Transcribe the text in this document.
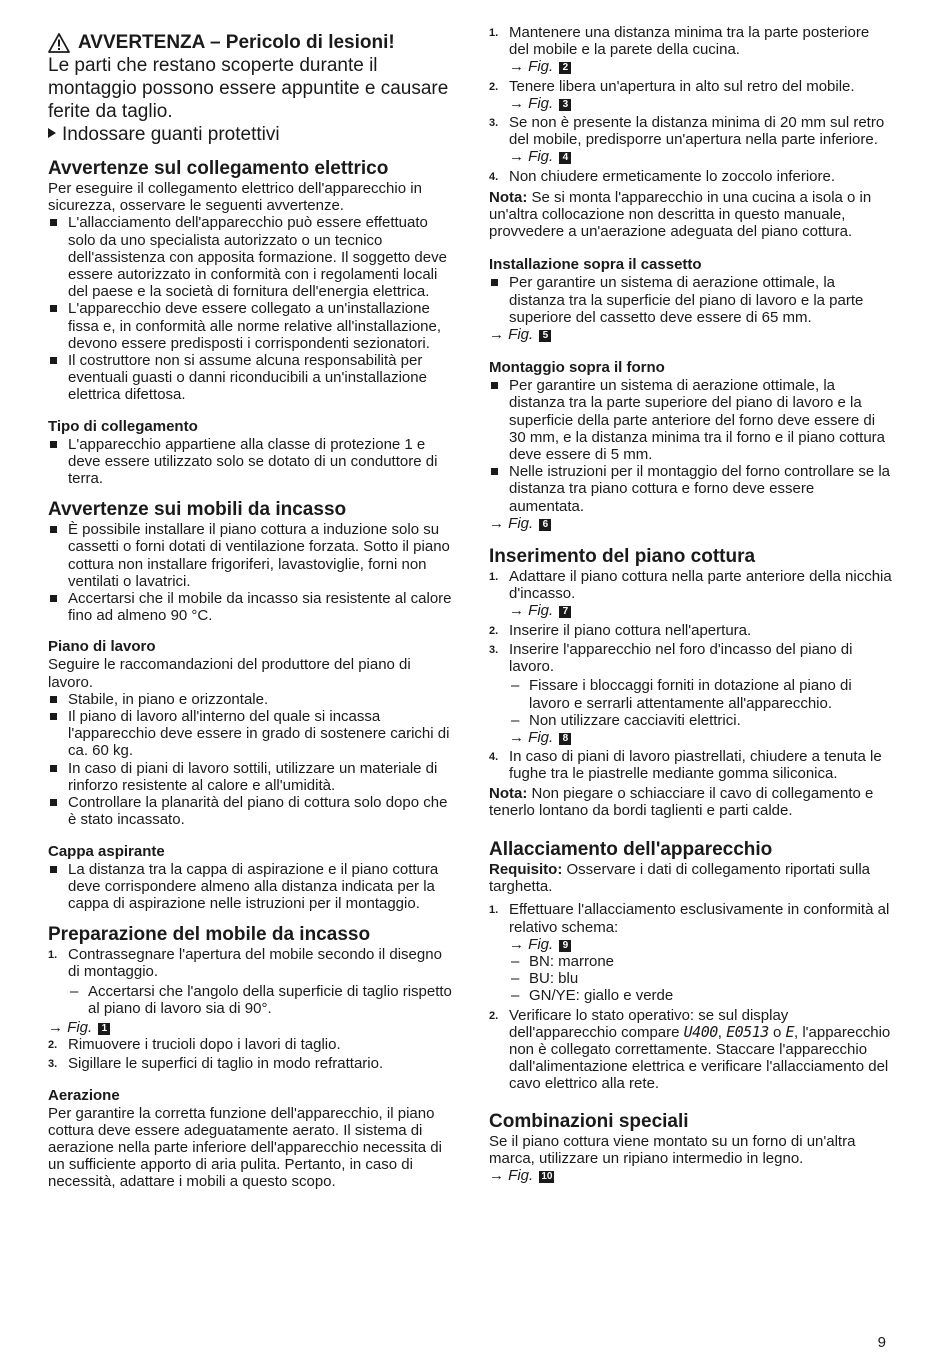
AVVERTENZA – Pericolo di lesioni!

Le parti che restano scoperte durante il montaggio possono essere appuntite e causare ferite da taglio.

Indossare guanti protettivi
Avvertenze sul collegamento elettrico

Per eseguire il collegamento elettrico dell'apparecchio in sicurezza, osservare le seguenti avvertenze.

L'allacciamento dell'apparecchio può essere effettuato solo da uno specialista autorizzato o un tecnico dell'assistenza con apposita formazione. Il soggetto deve essere autorizzato in conformità con i regolamenti locali del paese e la società di fornitura dell'energia elettrica.
L'apparecchio deve essere collegato a un'installazione fissa e, in conformità alle norme relative all'installazione, devono essere predisposti i corrispondenti sezionatori.
Il costruttore non si assume alcuna responsabilità per eventuali guasti o danni riconducibili a un'installazione elettrica difettosa.
Tipo di collegamento
L'apparecchio appartiene alla classe di protezione 1 e deve essere utilizzato solo se dotato di un conduttore di terra.
Avvertenze sui mobili da incasso
È possibile installare il piano cottura a induzione solo su cassetti o forni dotati di ventilazione forzata. Sotto il piano cottura non installare frigoriferi, lavastoviglie, forni non ventilati o lavatrici.
Accertarsi che il mobile da incasso sia resistente al calore fino ad almeno 90 °C.
Piano di lavoro

Seguire le raccomandazioni del produttore del piano di lavoro.

Stabile, in piano e orizzontale.
Il piano di lavoro all'interno del quale si incassa l'apparecchio deve essere in grado di sostenere carichi di ca. 60 kg.
In caso di piani di lavoro sottili, utilizzare un materiale di rinforzo resistente al calore e all'umidità.
Controllare la planarità del piano di cottura solo dopo che è stato incassato.
Cappa aspirante
La distanza tra la cappa di aspirazione e il piano cottura deve corrispondere almeno alla distanza indicata per la cappa di aspirazione nelle istruzioni per il montaggio.
Preparazione del mobile da incasso
1. Contrassegnare l'apertura del mobile secondo il disegno di montaggio.
– Accertarsi che l'angolo della superficie di taglio rispetto al piano di lavoro sia di 90°.
→ Fig. 1
2. Rimuovere i trucioli dopo i lavori di taglio.
3. Sigillare le superfici di taglio in modo refrattario.
Aerazione

Per garantire la corretta funzione dell'apparecchio, il piano cottura deve essere adeguatamente aerato. Il sistema di aerazione nella parte inferiore dell'apparecchio necessita di un sufficiente apporto di aria pulita. Pertanto, in caso di necessità, adattare i mobili a questo scopo.

1. Mantenere una distanza minima tra la parte posteriore del mobile e la parete della cucina.
→ Fig. 2
2. Tenere libera un'apertura in alto sul retro del mobile.
→ Fig. 3
3. Se non è presente la distanza minima di 20 mm sul retro del mobile, predisporre un'apertura nella parte inferiore.
→ Fig. 4
4. Non chiudere ermeticamente lo zoccolo inferiore.

Nota: Se si monta l'apparecchio in una cucina a isola o in un'altra collocazione non descritta in questo manuale, provvedere a un'aerazione adeguata del piano cottura.

Installazione sopra il cassetto
Per garantire un sistema di aerazione ottimale, la distanza tra la superficie del piano di lavoro e la parte superiore del cassetto deve essere di 65 mm.
→ Fig. 5
Montaggio sopra il forno
Per garantire un sistema di aerazione ottimale, la distanza tra la parte superiore del piano di lavoro e la superficie della parte anteriore del forno deve essere di 30 mm, e la distanza minima tra il forno e il piano cottura deve essere di 5 mm.
Nelle istruzioni per il montaggio del forno controllare se la distanza tra piano cottura e forno deve essere aumentata.
→ Fig. 6
Inserimento del piano cottura
1. Adattare il piano cottura nella parte anteriore della nicchia d'incasso.
→ Fig. 7
2. Inserire il piano cottura nell'apertura.
3. Inserire l'apparecchio nel foro d'incasso del piano di lavoro.
– Fissare i bloccaggi forniti in dotazione al piano di lavoro e serrarli attentamente all'apparecchio.
– Non utilizzare cacciaviti elettrici.
→ Fig. 8
4. In caso di piani di lavoro piastrellati, chiudere a tenuta le fughe tra le piastrelle mediante gomma siliconica.

Nota: Non piegare o schiacciare il cavo di collegamento e tenerlo lontano da bordi taglienti e parti calde.

Allacciamento dell'apparecchio

Requisito: Osservare i dati di collegamento riportati sulla targhetta.

1. Effettuare l'allacciamento esclusivamente in conformità al relativo schema:
→ Fig. 9
– BN: marrone
– BU: blu
– GN/YE: giallo e verde
2. Verificare lo stato operativo: se sul display dell'apparecchio compare U400, E0513 o E, l'apparecchio non è collegato correttamente. Staccare l'apparecchio dall'alimentazione elettrica e verificare l'allacciamento del cavo elettrico alla rete.
Combinazioni speciali

Se il piano cottura viene montato su un forno di un'altra marca, utilizzare un ripiano intermedio in legno.

→ Fig. 10
9
